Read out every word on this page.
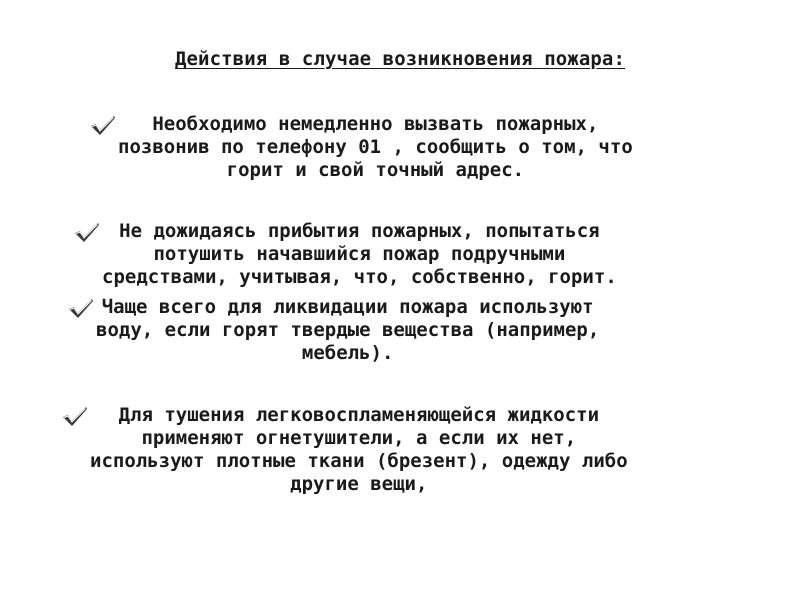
Действия в случае возникновения пожара:
Необходимо немедленно вызвать пожарных,
позвонив по телефону 01 , сообщить о том, что
горит и свой точный адрес.
Не дожидаясь прибытия пожарных, попытаться
потушить начавшийся пожар подручными
средствами, учитывая, что, собственно, горит.
Чаще всего для ликвидации пожара используют
воду, если горят твердые вещества (например,
мебель).
Для тушения легковоспламеняющейся жидкости
применяют огнетушители, а если их нет,
используют плотные ткани (брезент), одежду либо
другие вещи,
